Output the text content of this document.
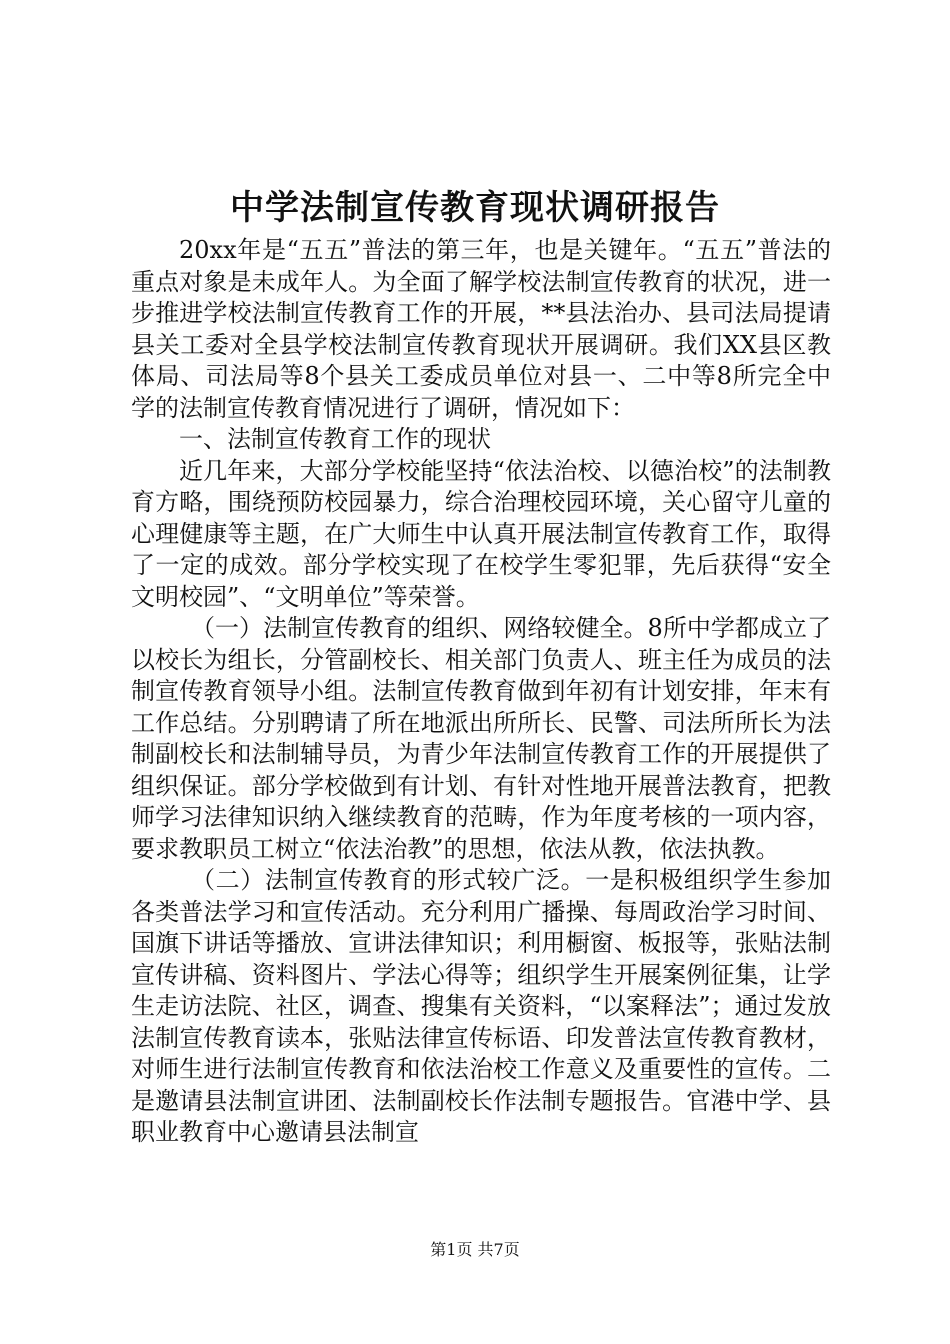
中学法制宣传教育现状调研报告

20xx年是“五五”普法的第三年，也是关键年。“五五”普法的重点对象是未成年人。为全面了解学校法制宣传教育的状况，进一步推进学校法制宣传教育工作的开展，**县法治办、县司法局提请县关工委对全县学校法制宣传教育现状开展调研。我们XX县区教体局、司法局等8个县关工委成员单位对县一、二中等8所完全中学的法制宣传教育情况进行了调研，情况如下：

一、法制宣传教育工作的现状

近几年来，大部分学校能坚持“依法治校、以德治校”的法制教育方略，围绕预防校园暴力，综合治理校园环境，关心留守儿童的心理健康等主题，在广大师生中认真开展法制宣传教育工作，取得了一定的成效。部分学校实现了在校学生零犯罪，先后获得“安全文明校园”、“文明单位”等荣誉。

（一）法制宣传教育的组织、网络较健全。8所中学都成立了以校长为组长，分管副校长、相关部门负责人、班主任为成员的法制宣传教育领导小组。法制宣传教育做到年初有计划安排，年末有工作总结。分别聘请了所在地派出所所长、民警、司法所所长为法制副校长和法制辅导员，为青少年法制宣传教育工作的开展提供了组织保证。部分学校做到有计划、有针对性地开展普法教育，把教师学习法律知识纳入继续教育的范畴，作为年度考核的一项内容，要求教职员工树立“依法治教”的思想，依法从教，依法执教。

（二）法制宣传教育的形式较广泛。一是积极组织学生参加各类普法学习和宣传活动。充分利用广播操、每周政治学习时间、国旗下讲话等播放、宣讲法律知识；利用橱窗、板报等，张贴法制宣传讲稿、资料图片、学法心得等；组织学生开展案例征集，让学生走访法院、社区，调查、搜集有关资料，“以案释法”；通过发放法制宣传教育读本，张贴法律宣传标语、印发普法宣传教育教材，对师生进行法制宣传教育和依法治校工作意义及重要性的宣传。二是邀请县法制宣讲团、法制副校长作法制专题报告。官港中学、县职业教育中心邀请县法制宣

第1页 共7页
